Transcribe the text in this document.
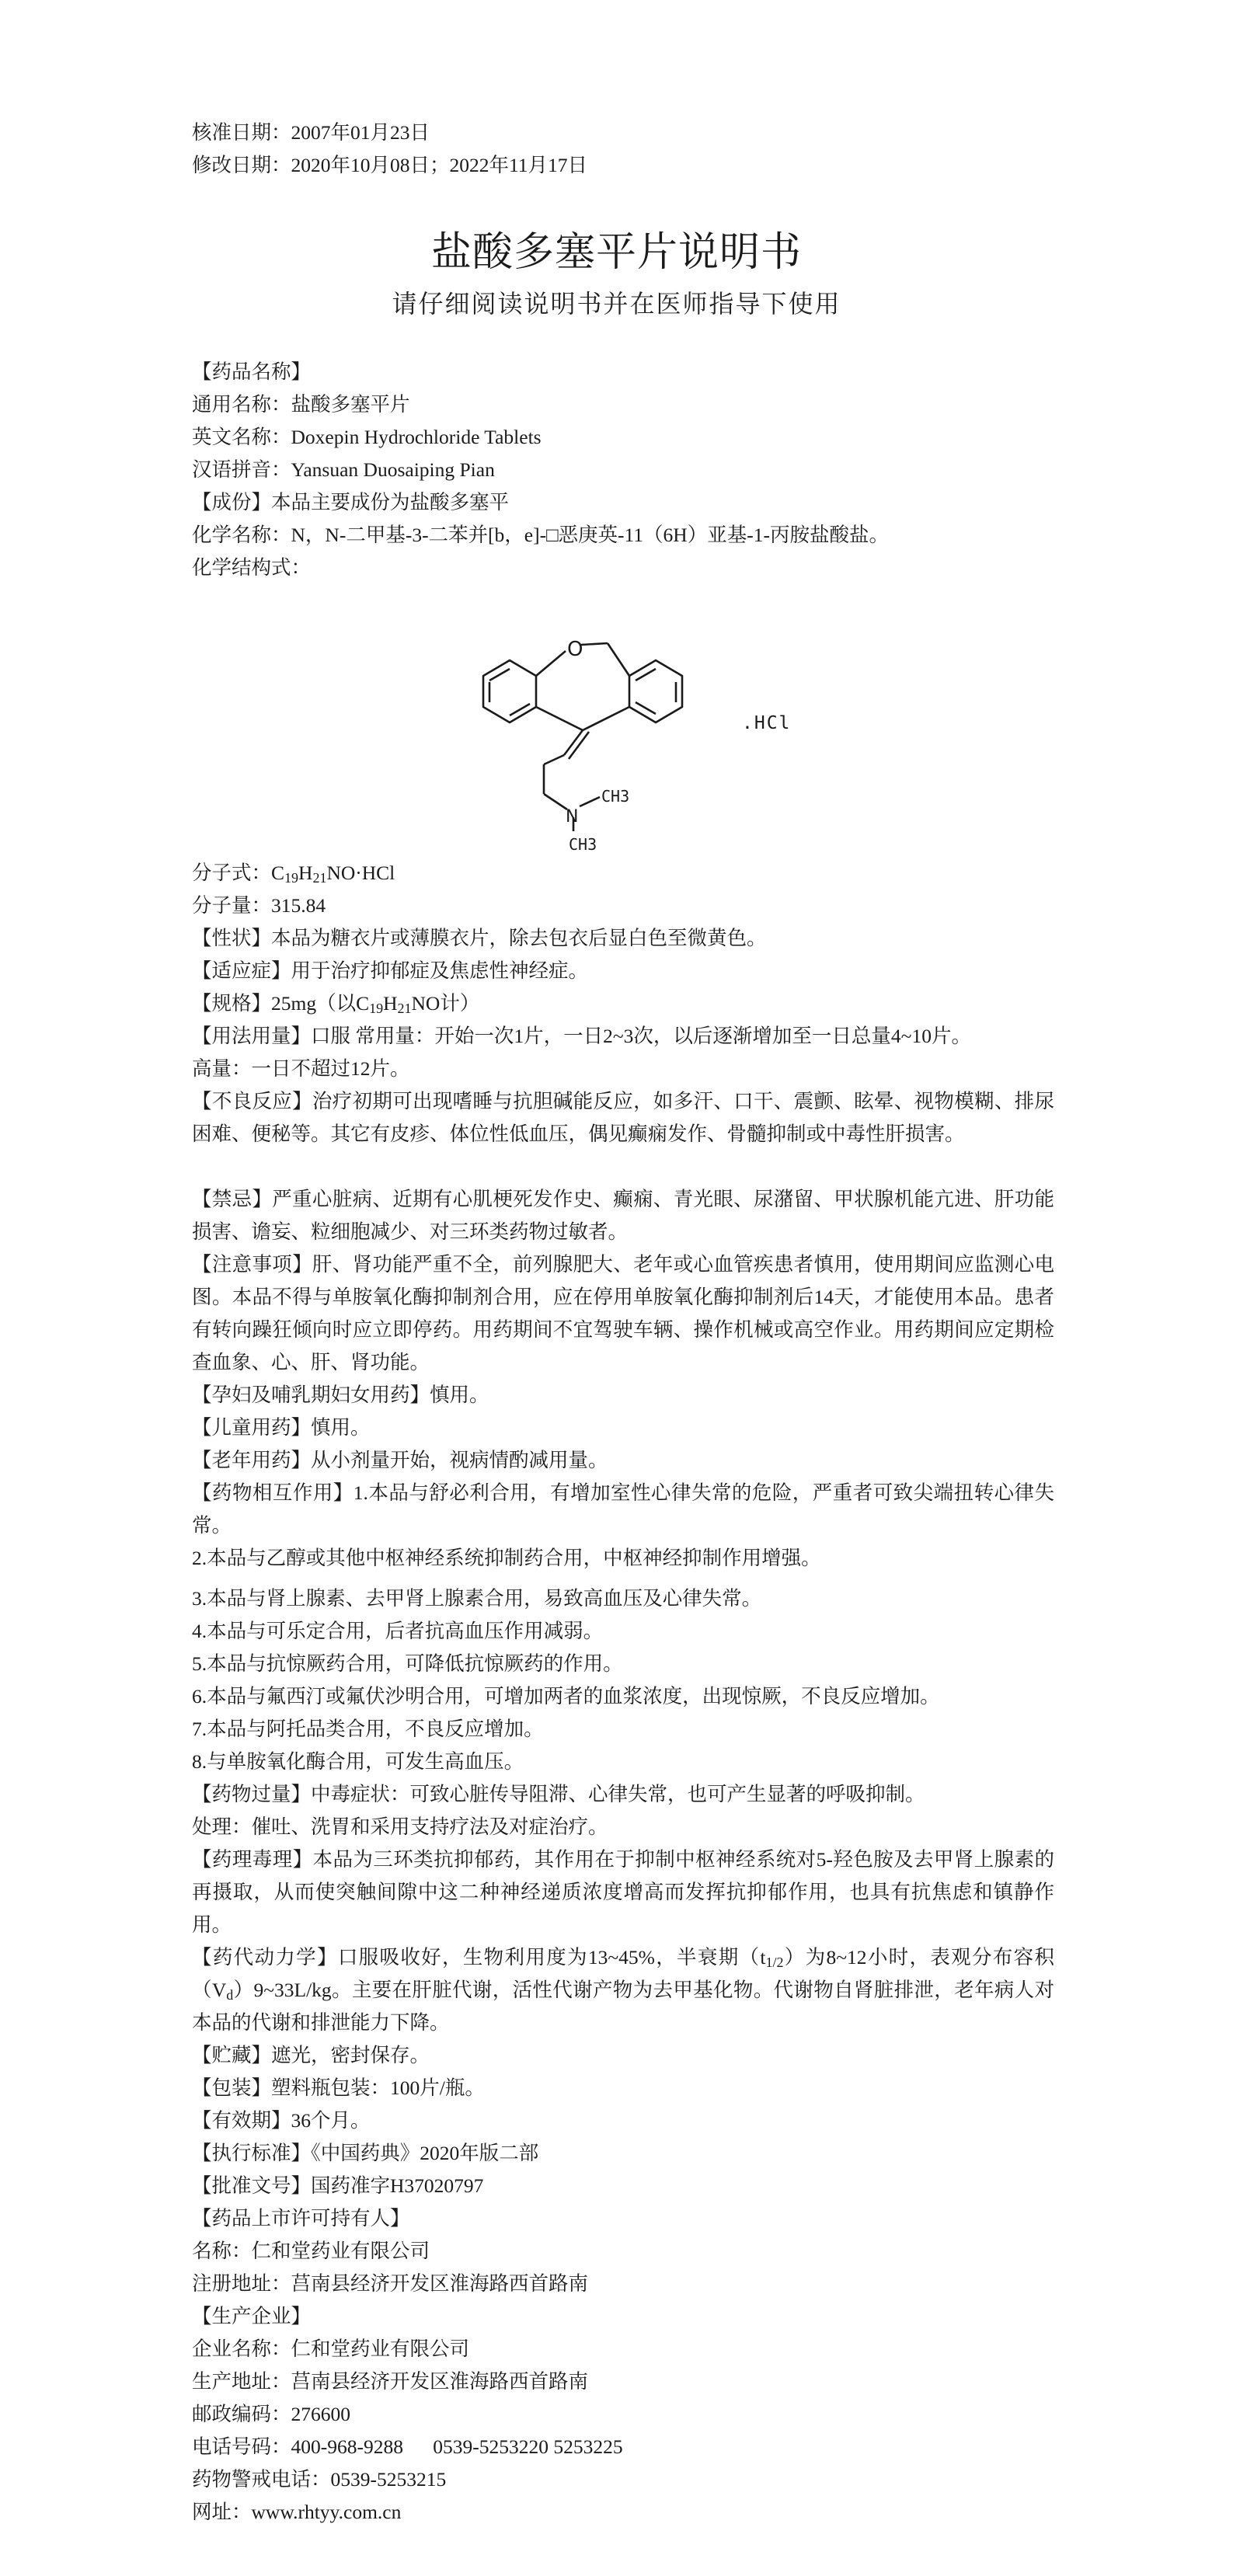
核准日期：2007年01月23日
修改日期：2020年10月08日；2022年11月17日
盐酸多塞平片说明书
请仔细阅读说明书并在医师指导下使用
【药品名称】
通用名称：盐酸多塞平片
英文名称：Doxepin Hydrochloride Tablets
汉语拼音：Yansuan Duosaiping Pian
【成份】本品主要成份为盐酸多塞平
化学名称：N，N-二甲基-3-二苯并[b，e]-□恶庚英-11（6H）亚基-1-丙胺盐酸盐。
化学结构式：
O
N
CH3
CH3
.HCl
分子式：$C_{19}H_{21}NO\cdot HCl$
分子量：315.84
【性状】本品为糖衣片或薄膜衣片，除去包衣后显白色至微黄色。
【适应症】用于治疗抑郁症及焦虑性神经症。
【规格】25mg（以$C_{19}H_{21}NO$计）
【用法用量】口服 常用量：开始一次1片，一日2~3次，以后逐渐增加至一日总量4~10片。
高量：一日不超过12片。
【不良反应】治疗初期可出现嗜睡与抗胆碱能反应，如多汗、口干、震颤、眩晕、视物模糊、排尿困难、便秘等。其它有皮疹、体位性低血压，偶见癫痫发作、骨髓抑制或中毒性肝损害。
【禁忌】严重心脏病、近期有心肌梗死发作史、癫痫、青光眼、尿潴留、甲状腺机能亢进、肝功能损害、谵妄、粒细胞减少、对三环类药物过敏者。
【注意事项】肝、肾功能严重不全，前列腺肥大、老年或心血管疾患者慎用，使用期间应监测心电图。本品不得与单胺氧化酶抑制剂合用，应在停用单胺氧化酶抑制剂后14天，才能使用本品。患者有转向躁狂倾向时应立即停药。用药期间不宜驾驶车辆、操作机械或高空作业。用药期间应定期检查血象、心、肝、肾功能。
【孕妇及哺乳期妇女用药】慎用。
【儿童用药】慎用。
【老年用药】从小剂量开始，视病情酌减用量。
【药物相互作用】1.本品与舒必利合用，有增加室性心律失常的危险，严重者可致尖端扭转心律失常。
2.本品与乙醇或其他中枢神经系统抑制药合用，中枢神经抑制作用增强。
3.本品与肾上腺素、去甲肾上腺素合用，易致高血压及心律失常。
4.本品与可乐定合用，后者抗高血压作用减弱。
5.本品与抗惊厥药合用，可降低抗惊厥药的作用。
6.本品与氟西汀或氟伏沙明合用，可增加两者的血浆浓度，出现惊厥，不良反应增加。
7.本品与阿托品类合用，不良反应增加。
8.与单胺氧化酶合用，可发生高血压。
【药物过量】中毒症状：可致心脏传导阻滞、心律失常，也可产生显著的呼吸抑制。
处理：催吐、洗胃和采用支持疗法及对症治疗。
【药理毒理】本品为三环类抗抑郁药，其作用在于抑制中枢神经系统对5-羟色胺及去甲肾上腺素的再摄取，从而使突触间隙中这二种神经递质浓度增高而发挥抗抑郁作用，也具有抗焦虑和镇静作用。
【药代动力学】口服吸收好，生物利用度为13~45%，半衰期$(t_{1/2})$为8~12小时，表观分布容积$(V_d)9\sim 33L/kg$。主要在肝脏代谢，活性代谢产物为去甲基化物。代谢物自肾脏排泄，老年病人对本品的代谢和排泄能力下降。
【贮藏】遮光，密封保存。
【包装】塑料瓶包装：100片/瓶。
【有效期】36个月。
【执行标准】《中国药典》2020年版二部
【批准文号】国药准字H37020797
【药品上市许可持有人】
名称：仁和堂药业有限公司
注册地址：莒南县经济开发区淮海路西首路南
【生产企业】
企业名称：仁和堂药业有限公司
生产地址：莒南县经济开发区淮海路西首路南
邮政编码：276600
电话号码：400-968-9288      0539-5253220 5253225
药物警戒电话：0539-5253215
网址：www.rhtyy.com.cn
